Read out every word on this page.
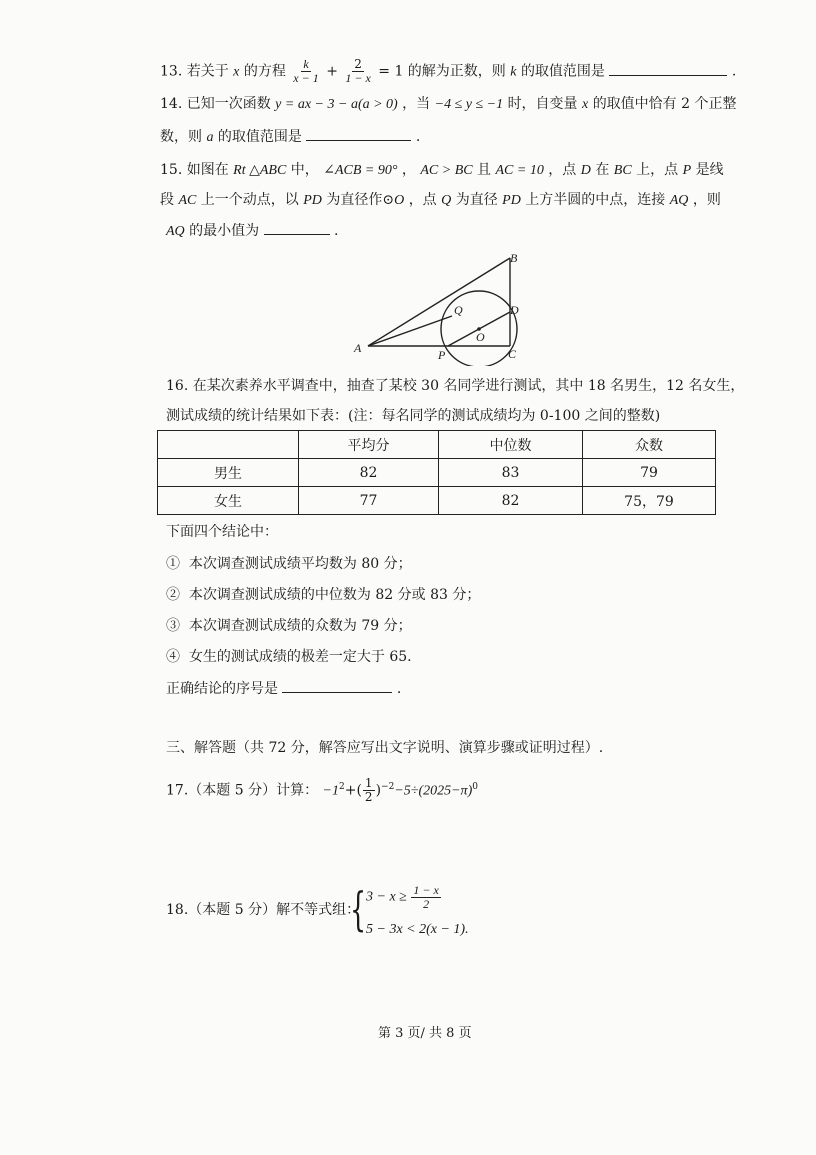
13. 若关于 x 的方程 $\frac{k}{x - 1} + \frac{2}{1 - x} = 1$ 的解为正数，则 k 的取值范围是	.
14. 已知一次函数 y = ax − 3 − a(a > 0) ，当 −4 ≤ y ≤ −1 时，自变量 x 的取值中恰有 2 个正整
数，则 a 的取值范围是	.
15. 如图在 Rt △ABC 中， ∠ACB = 90° ， AC > BC 且 AC = 10 ，点 D 在 BC 上，点 P 是线
段 AC 上一个动点，以 PD 为直径作⊙O ，点 Q 为直径 PD 上方半圆的中点，连接 AQ ，则
AQ 的最小值为	.
A
B
C
D
P
Q
O
16. 在某次素养水平调查中，抽查了某校 30 名同学进行测试，其中 18 名男生，12 名女生，
测试成绩的统计结果如下表：(注：每名同学的测试成绩均为 0-100 之间的整数)
	平均分	中位数	众数
男生	82	83	79
女生	77	82	75，79
下面四个结论中：
① 本次调查测试成绩平均数为 80 分；
② 本次调查测试成绩的中位数为 82 分或 83 分；
③ 本次调查测试成绩的众数为 79 分；
④ 女生的测试成绩的极差一定大于 65.
正确结论的序号是	.
三、解答题（共 72 分，解答应写出文字说明、演算步骤或证明过程）.
17.（本题 5 分）计算： $-1^2+( \frac{1}{2} )^{-2}-5\div(2025-\pi)^0$
18.（本题 5 分）解不等式组：
{ $3 - x \ge \frac{1 - x}{2}$
5 − 3x < 2(x − 1).
第 3 页/ 共 8 页
